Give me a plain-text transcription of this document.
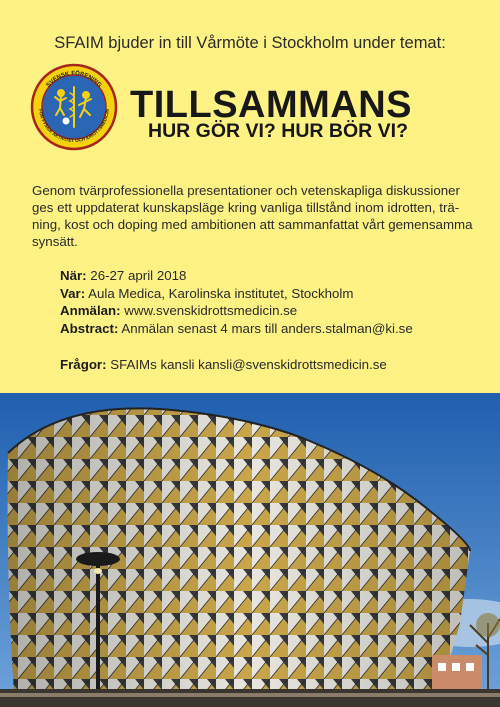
SFAIM bjuder in till Vårmöte i Stockholm under temat:
SVENSK FÖRENING
FÖR FYSISK AKTIVITET OCH IDROTTSMEDICIN TILLSAMMANS
HUR GÖR VI? HUR BÖR VI?
Genom tvärprofessionella presentationer och vetenskapliga diskussioner
ges ett uppdaterat kunskapsläge kring vanliga tillstånd inom idrotten, trä-
ning, kost och doping med ambitionen att sammanfattat vårt gemensamma
synsätt.
När: 26-27 april 2018
Var: Aula Medica, Karolinska institutet, Stockholm
Anmälan: www.svenskidrottsmedicin.se
Abstract: Anmälan senast 4 mars till anders.stalman@ki.se
Frågor: SFAIMs kansli kansli@svenskidrottsmedicin.se
